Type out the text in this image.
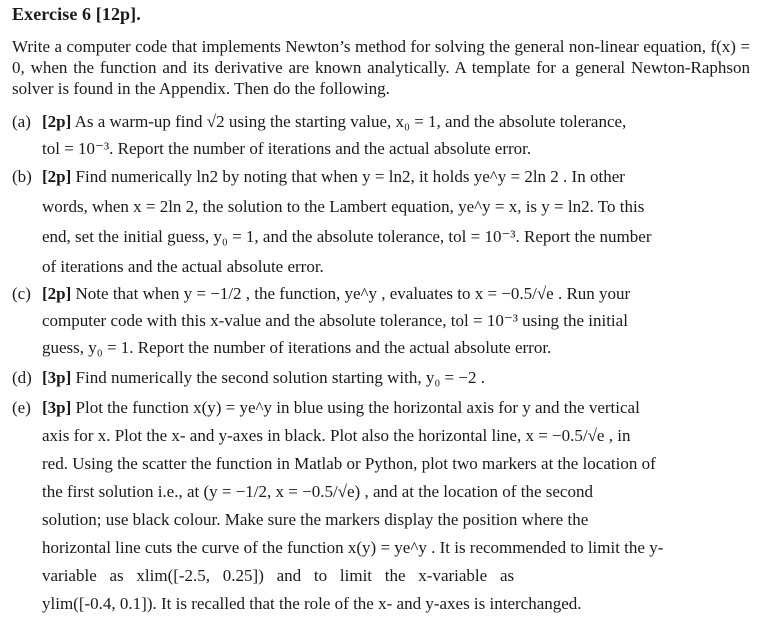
Exercise 6 [12p].

Write a computer code that implements Newton’s method for solving the general non-linear equation, f(x) = 0, when the function and its derivative are known analytically. A template for a general Newton-Raphson solver is found in the Appendix. Then do the following.

(a) [2p] As a warm-up find √2 using the starting value, x₀ = 1, and the absolute tolerance,
tol = 10⁻³. Report the number of iterations and the actual absolute error.
(b) [2p] Find numerically ln2 by noting that when y = ln2, it holds ye^y = 2ln 2 . In other
words, when x = 2ln 2, the solution to the Lambert equation, ye^y = x, is y = ln2. To this
end, set the initial guess, y₀ = 1, and the absolute tolerance, tol = 10⁻³. Report the number
of iterations and the actual absolute error.
(c) [2p] Note that when y = −1/2 , the function, ye^y , evaluates to x = −0.5/√e . Run your
computer code with this x-value and the absolute tolerance, tol = 10⁻³ using the initial
guess, y₀ = 1. Report the number of iterations and the actual absolute error.
(d) [3p] Find numerically the second solution starting with, y₀ = −2 .
(e) [3p] Plot the function x(y) = ye^y in blue using the horizontal axis for y and the vertical
axis for x. Plot the x- and y-axes in black. Plot also the horizontal line, x = −0.5/√e , in
red. Using the scatter the function in Matlab or Python, plot two markers at the location of
the first solution i.e., at (y = −1/2, x = −0.5/√e) , and at the location of the second
solution; use black colour. Make sure the markers display the position where the
horizontal line cuts the curve of the function x(y) = ye^y . It is recommended to limit the y-
variable   as   xlim([-2.5,   0.25])   and   to   limit   the   x-variable   as
ylim([-0.4, 0.1]). It is recalled that the role of the x- and y-axes is interchanged.
